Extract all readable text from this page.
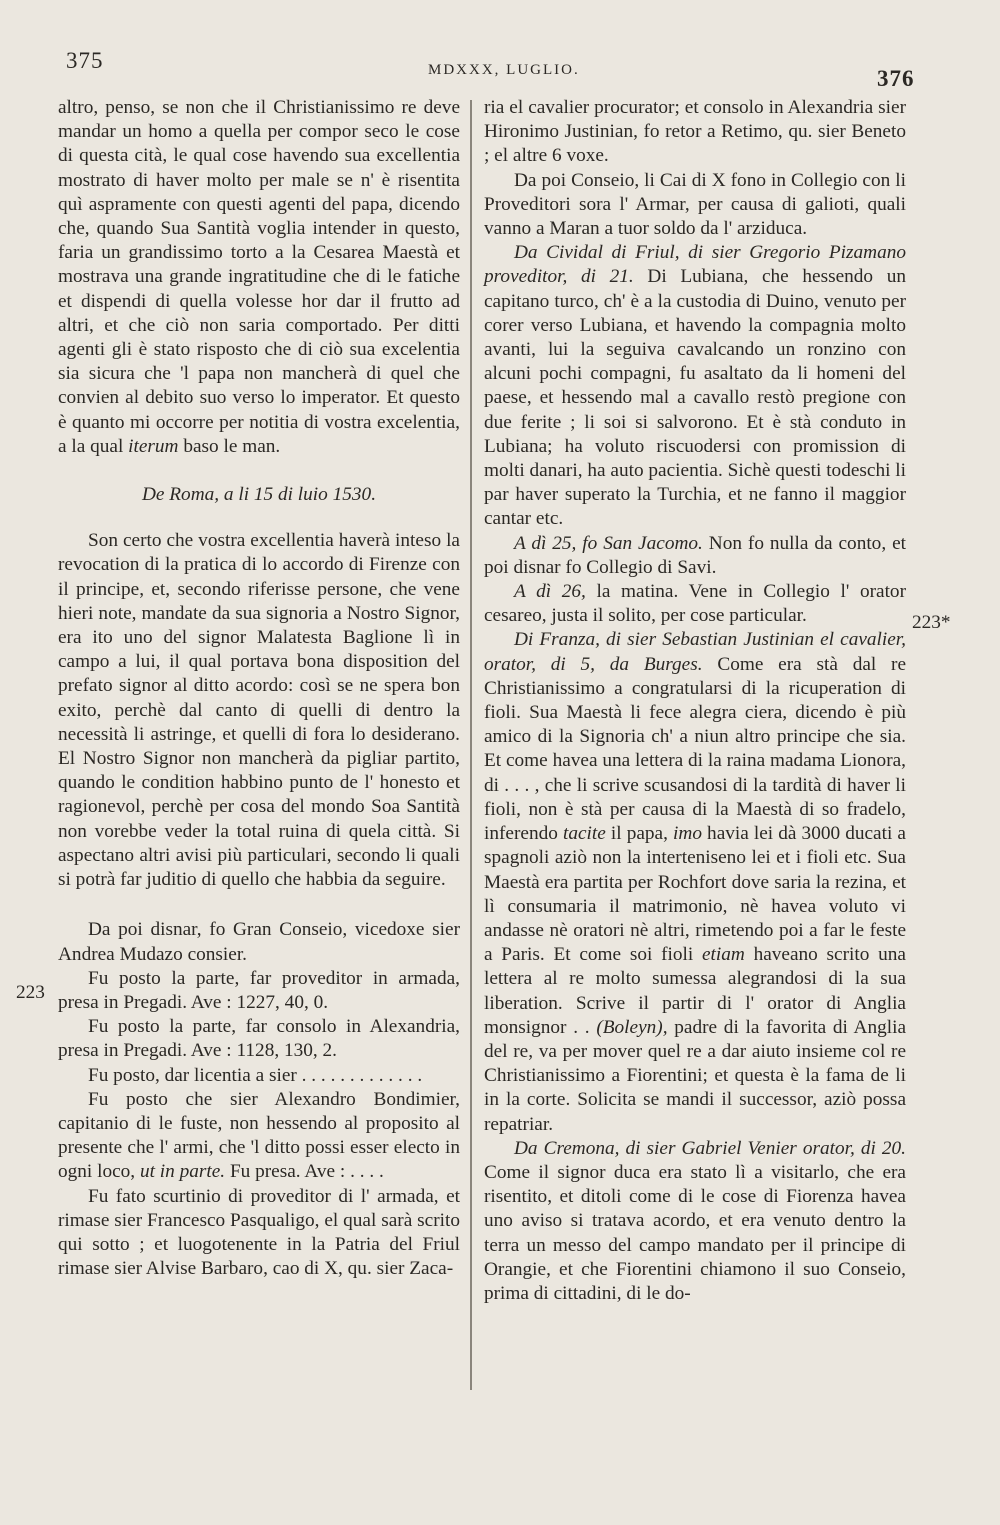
375	MDXXX, LUGLIO.	376
223
223*

altro, penso, se non che il Christianissimo re deve mandar un homo a quella per compor seco le cose di questa cità, le qual cose havendo sua excellentia mostrato di haver molto per male se n' è risentita quì aspramente con questi agenti del papa, dicendo che, quando Sua Santità voglia intender in questo, faria un grandissimo torto a la Cesarea Maestà et mostrava una grande ingratitudine che di le fatiche et dispendi di quella volesse hor dar il frutto ad altri, et che ciò non saria comportado. Per ditti agenti gli è stato risposto che di ciò sua excelentia sia sicura che 'l papa non mancherà di quel che convien al debito suo verso lo imperator. Et questo è quanto mi occorre per notitia di vostra excelentia, a la qual iterum baso le man.

De Roma, a li 15 di luio 1530.

Son certo che vostra excellentia haverà inteso la revocation di la pratica di lo accordo di Firenze con il principe, et, secondo riferisse persone, che vene hieri note, mandate da sua signoria a Nostro Signor, era ito uno del signor Malatesta Baglione lì in campo a lui, il qual portava bona disposition del prefato signor al ditto acordo: così se ne spera bon exito, perchè dal canto di quelli di dentro la necessità li astringe, et quelli di fora lo desiderano. El Nostro Signor non mancherà da pigliar partito, quando le condition habbino punto de l' honesto et ragionevol, perchè per cosa del mondo Soa Santità non vorebbe veder la total ruina di quela città. Si aspectano altri avisi più particulari, secondo li quali si potrà far juditio di quello che habbia da seguire.

Da poi disnar, fo Gran Conseio, vicedoxe sier Andrea Mudazo consier.

Fu posto la parte, far proveditor in armada, presa in Pregadi. Ave : 1227, 40, 0.

Fu posto la parte, far consolo in Alexandria, presa in Pregadi. Ave : 1128, 130, 2.

Fu posto, dar licentia a sier . . . . . . . . . . . . .

Fu posto che sier Alexandro Bondimier, capitanio di le fuste, non hessendo al proposito al presente che l' armi, che 'l ditto possi esser electo in ogni loco, ut in parte. Fu presa. Ave : . . . .

Fu fato scurtinio di proveditor di l' armada, et rimase sier Francesco Pasqualigo, el qual sarà scrito qui sotto ; et luogotenente in la Patria del Friul rimase sier Alvise Barbaro, cao di X, qu. sier Zaca-

ria el cavalier procurator; et consolo in Alexandria sier Hironimo Justinian, fo retor a Retimo, qu. sier Beneto ; el altre 6 voxe.

Da poi Conseio, li Cai di X fono in Collegio con li Proveditori sora l' Armar, per causa di galioti, quali vanno a Maran a tuor soldo da l' arziduca.

Da Cividal di Friul, di sier Gregorio Pizamano proveditor, di 21. Di Lubiana, che hessendo un capitano turco, ch' è a la custodia di Duino, venuto per corer verso Lubiana, et havendo la compagnia molto avanti, lui la seguiva cavalcando un ronzino con alcuni pochi compagni, fu asaltato da li homeni del paese, et hessendo mal a cavallo restò pregione con due ferite ; li soi si salvorono. Et è stà conduto in Lubiana; ha voluto riscuodersi con promission di molti danari, ha auto pacientia. Sichè questi todeschi li par haver superato la Turchia, et ne fanno il maggior cantar etc.

A dì 25, fo San Jacomo. Non fo nulla da conto, et poi disnar fo Collegio di Savi.

A dì 26, la matina. Vene in Collegio l' orator cesareo, justa il solito, per cose particular.

Di Franza, di sier Sebastian Justinian el cavalier, orator, di 5, da Burges. Come era stà dal re Christianissimo a congratularsi di la ricuperation di fioli. Sua Maestà li fece alegra ciera, dicendo è più amico di la Signoria ch' a niun altro principe che sia. Et come havea una lettera di la raina madama Lionora, di . . . , che li scrive scusandosi di la tardità di haver li fioli, non è stà per causa di la Maestà di so fradelo, inferendo tacite il papa, imo havia lei dà 3000 ducati a spagnoli aziò non la interteniseno lei et i fioli etc. Sua Maestà era partita per Rochfort dove saria la rezina, et lì consumaria il matrimonio, nè havea voluto vi andasse nè oratori nè altri, rimetendo poi a far le feste a Paris. Et come soi fioli etiam haveano scrito una lettera al re molto sumessa alegrandosi di la sua liberation. Scrive il partir di l' orator di Anglia monsignor . . (Boleyn), padre di la favorita di Anglia del re, va per mover quel re a dar aiuto insieme col re Christianissimo a Fiorentini; et questa è la fama de li in la corte. Solicita se mandi il successor, aziò possa repatriar.

Da Cremona, di sier Gabriel Venier orator, di 20. Come il signor duca era stato lì a visitarlo, che era risentito, et ditoli come di le cose di Fiorenza havea uno aviso si tratava acordo, et era venuto dentro la terra un messo del campo mandato per il principe di Orangie, et che Fiorentini chiamono il suo Conseio, prima di cittadini, di le do-
